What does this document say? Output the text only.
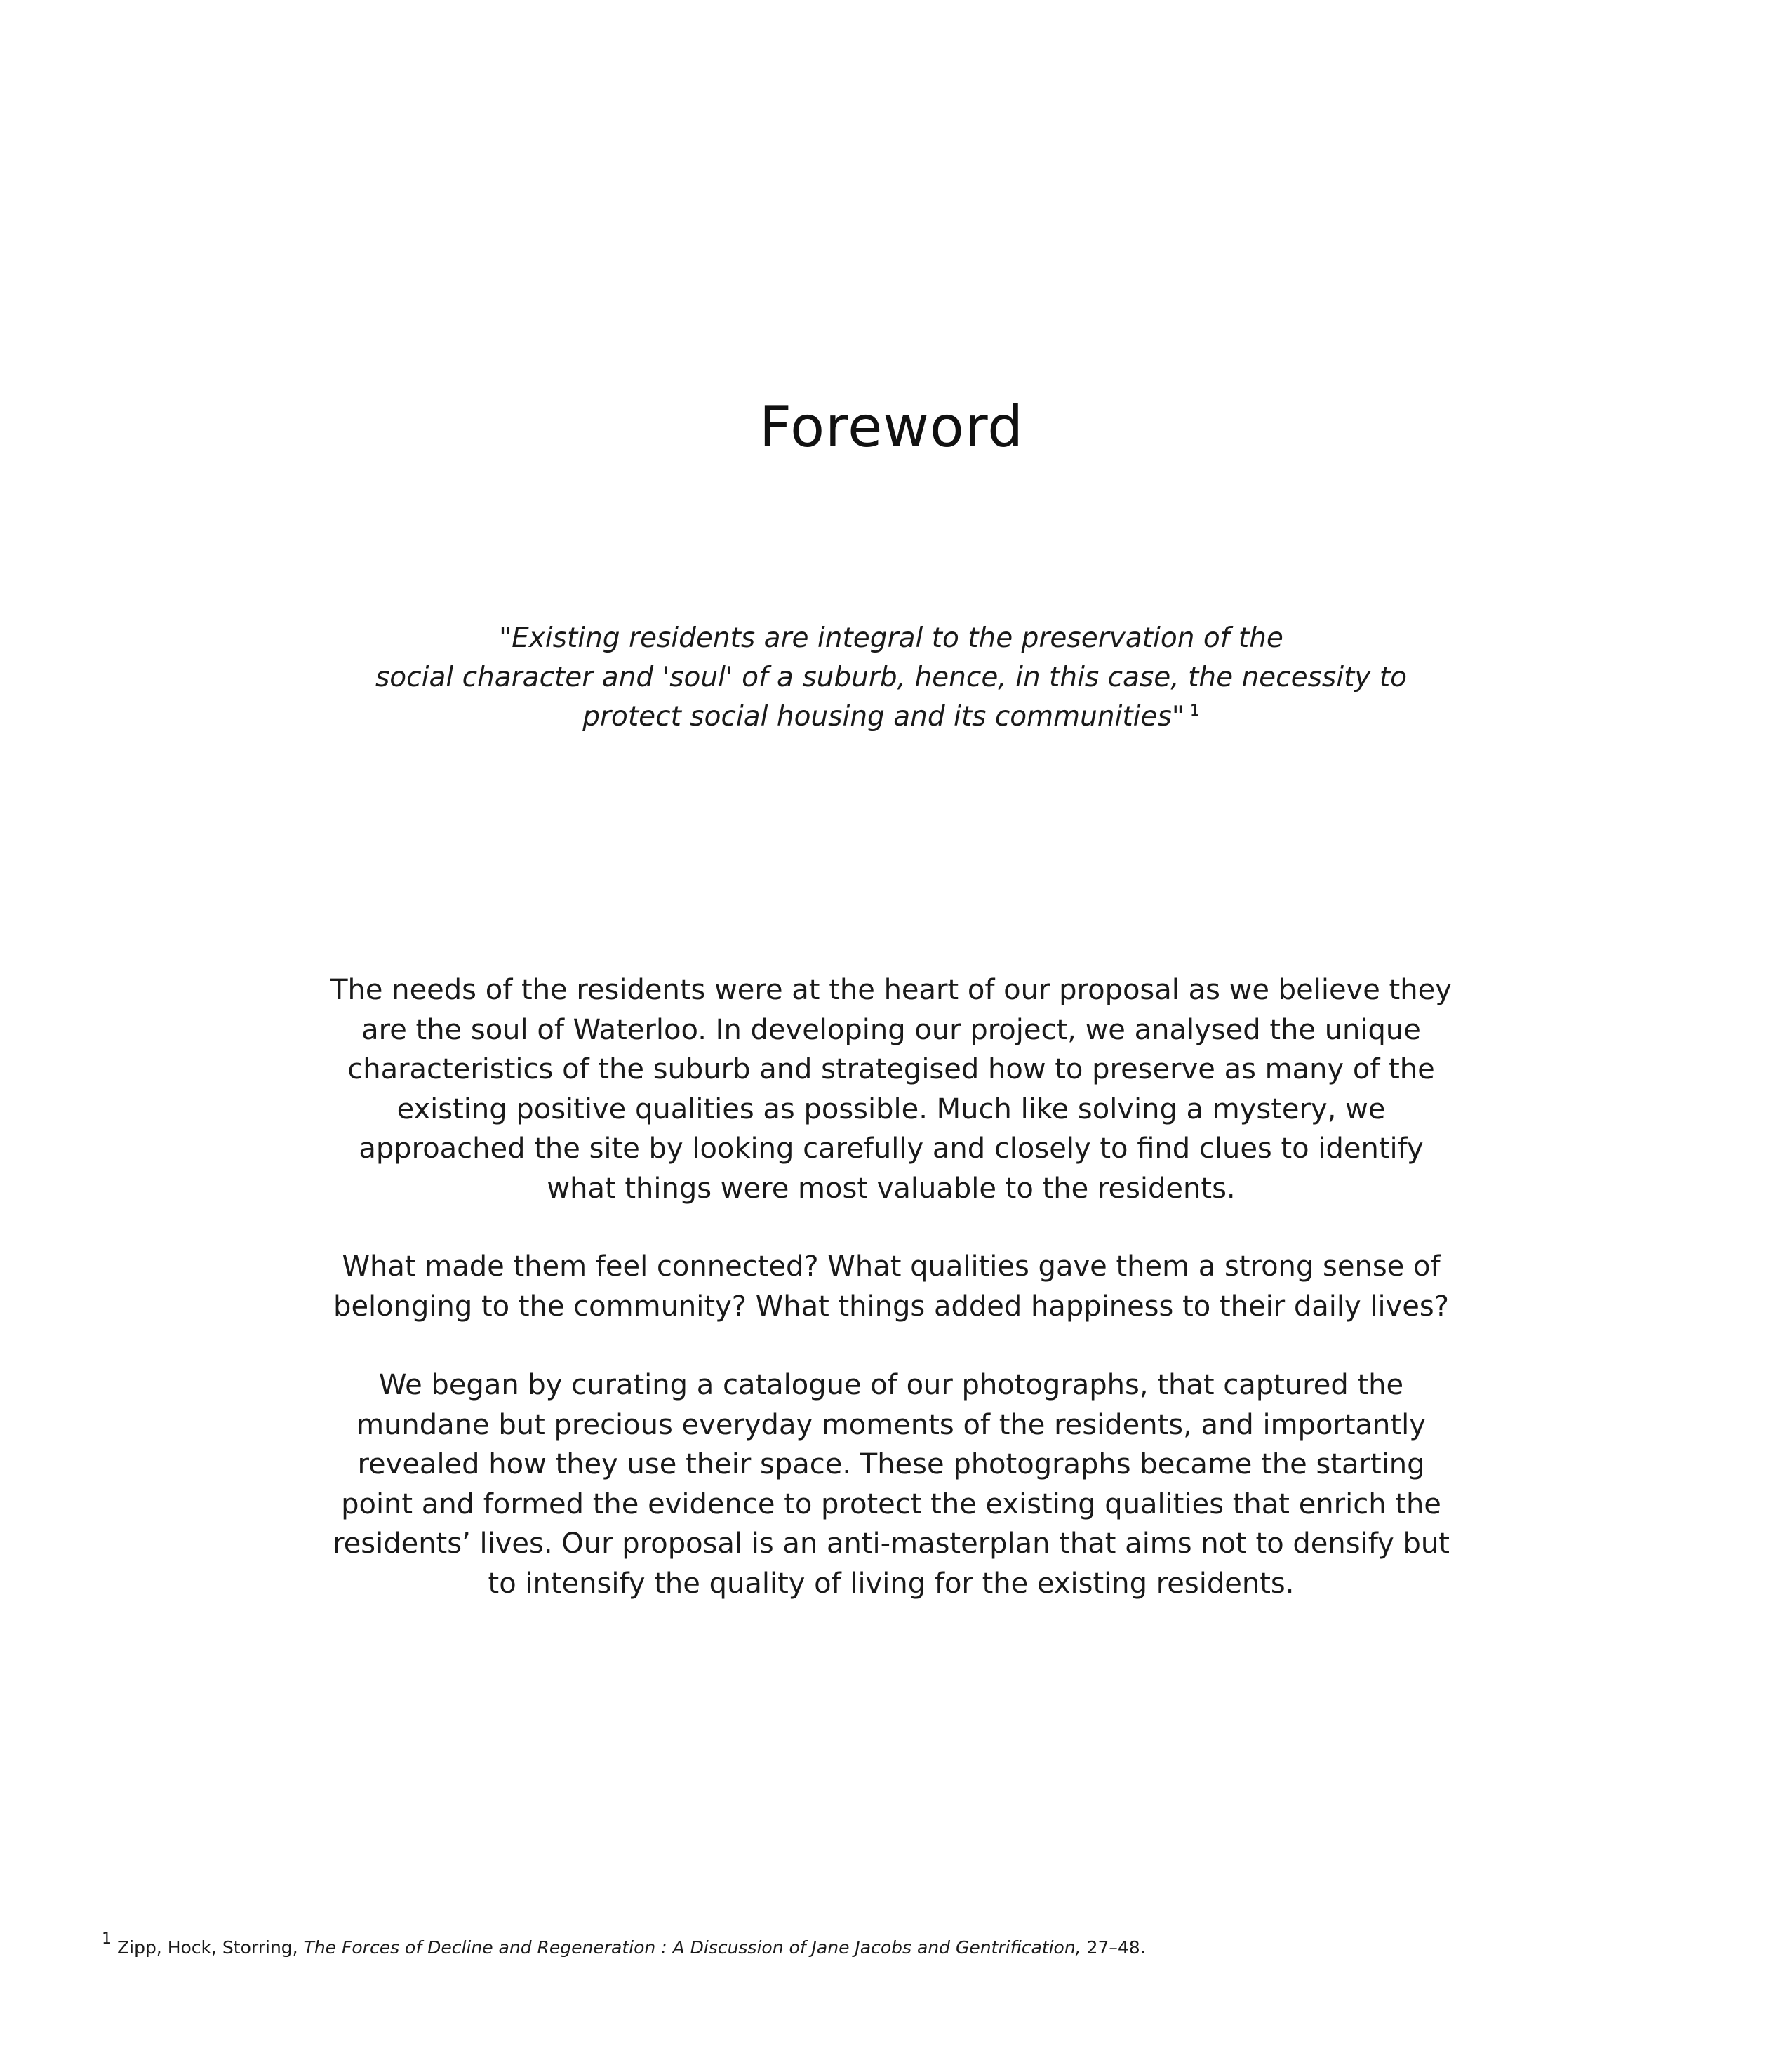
Foreword
"Existing residents are integral to the preservation of the
social character and 'soul' of a suburb, hence, in this case, the necessity to
protect social housing and its communities" $^1$
The needs of the residents were at the heart of our proposal as we believe they
are the soul of Waterloo. In developing our project, we analysed the unique
characteristics of the suburb and strategised how to preserve as many of the
existing positive qualities as possible. Much like solving a mystery, we
approached the site by looking carefully and closely to find clues to identify
what things were most valuable to the residents.
What made them feel connected? What qualities gave them a strong sense of
belonging to the community? What things added happiness to their daily lives?
We began by curating a catalogue of our photographs, that captured the
mundane but precious everyday moments of the residents, and importantly
revealed how they use their space. These photographs became the starting
point and formed the evidence to protect the existing qualities that enrich the
residents’ lives. Our proposal is an anti-masterplan that aims not to densify but
to intensify the quality of living for the existing residents.
1 Zipp, Hock, Storring, The Forces of Decline and Regeneration : A Discussion of Jane Jacobs and Gentrification, 27–48.
